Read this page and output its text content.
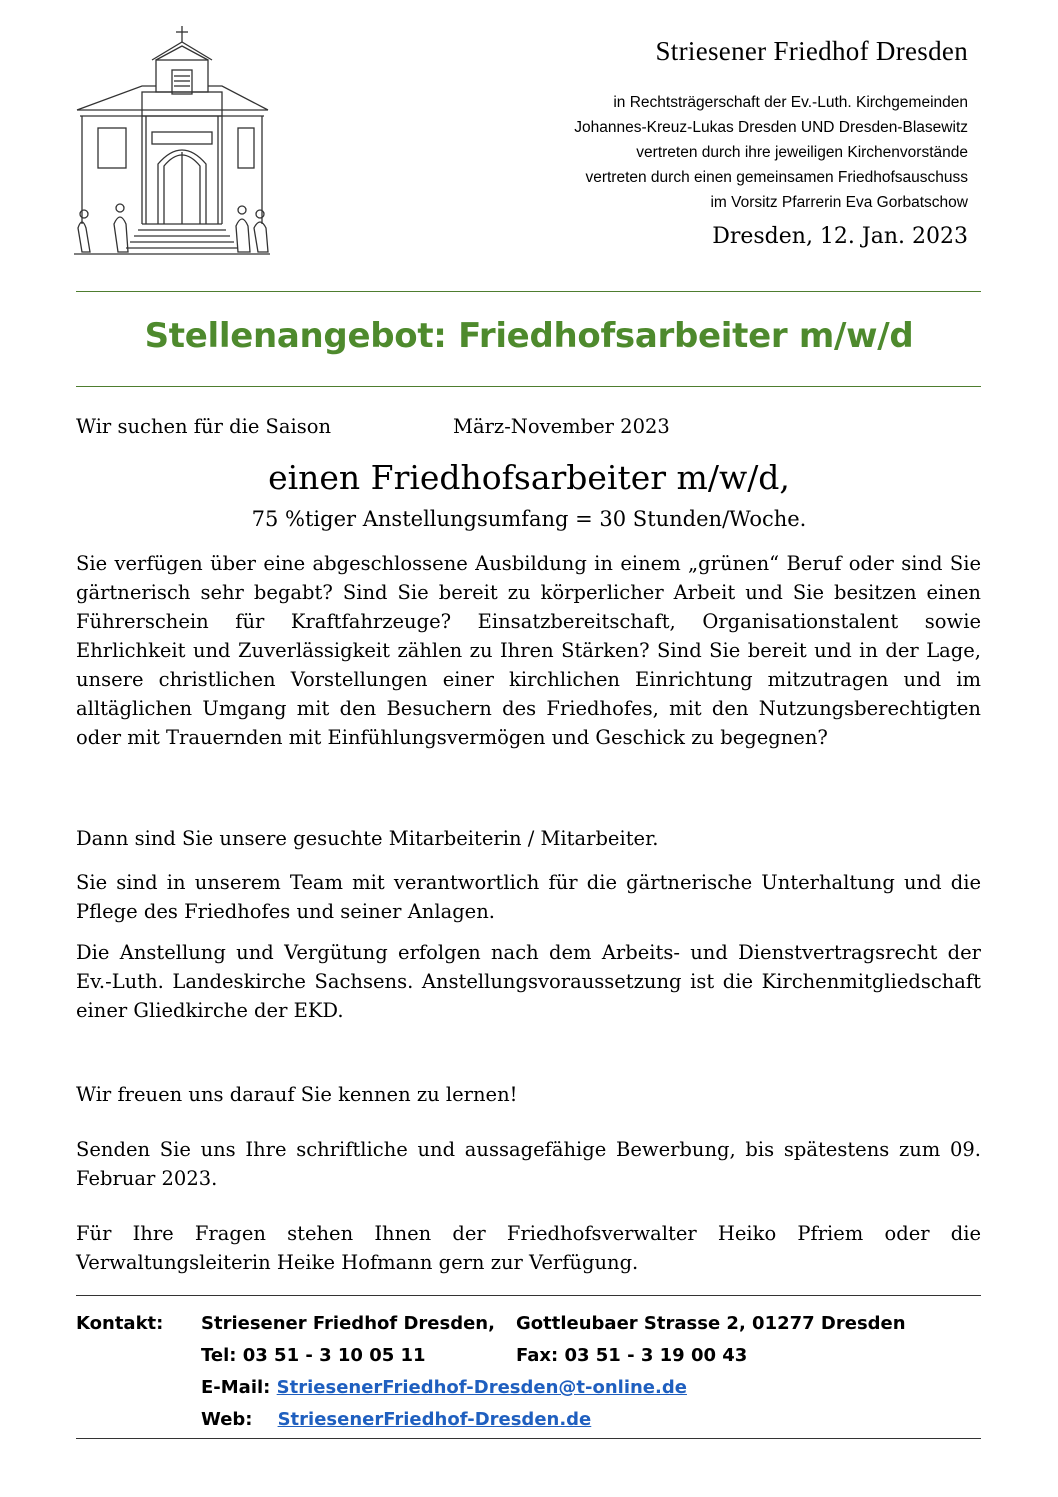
Striesener Friedhof Dresden
in Rechtsträgerschaft der Ev.-Luth. Kirchgemeinden
Johannes-Kreuz-Lukas Dresden UND Dresden-Blasewitz
vertreten durch ihre jeweiligen Kirchenvorstände
vertreten durch einen gemeinsamen Friedhofsauschuss
im Vorsitz Pfarrerin Eva Gorbatschow
Dresden, 12. Jan. 2023
Stellenangebot: Friedhofsarbeiter m/w/d
Wir suchen für die Saison	März-November 2023
einen Friedhofsarbeiter m/w/d,
75 %tiger Anstellungsumfang = 30 Stunden/Woche.
Sie verfügen über eine abgeschlossene Ausbildung in einem „grünen“ Beruf oder sind Sie gärtnerisch sehr begabt? Sind Sie bereit zu körperlicher Arbeit und Sie besitzen einen Führerschein für Kraftfahrzeuge? Einsatzbereitschaft, Organisationstalent sowie Ehrlichkeit und Zuverlässigkeit zählen zu Ihren Stärken? Sind Sie bereit und in der Lage, unsere christlichen Vorstellungen einer kirchlichen Einrichtung mitzutragen und im alltäglichen Umgang mit den Besuchern des Friedhofes, mit den Nutzungsberechtigten oder mit Trauernden mit Einfühlungsvermögen und Geschick zu begegnen?
Dann sind Sie unsere gesuchte Mitarbeiterin / Mitarbeiter.
Sie sind in unserem Team mit verantwortlich für die gärtnerische Unterhaltung und die Pflege des Friedhofes und seiner Anlagen.
Die Anstellung und Vergütung erfolgen nach dem Arbeits- und Dienstvertragsrecht der Ev.-Luth. Landeskirche Sachsens. Anstellungsvoraussetzung ist die Kirchenmitgliedschaft einer Gliedkirche der EKD.
Wir freuen uns darauf Sie kennen zu lernen!
Senden Sie uns Ihre schriftliche und aussagefähige Bewerbung, bis spätestens zum 09. Februar 2023.
Für Ihre Fragen stehen Ihnen der Friedhofsverwalter Heiko Pfriem oder die Verwaltungsleiterin Heike Hofmann gern zur Verfügung.
Kontakt: Striesener Friedhof Dresden, Gottleubaer Strasse 2, 01277 Dresden
Tel: 03 51 - 3 10 05 11	Fax: 03 51 - 3 19 00 43
E-Mail: StriesenerFriedhof-Dresden@t-online.de
Web: StriesenerFriedhof-Dresden.de
